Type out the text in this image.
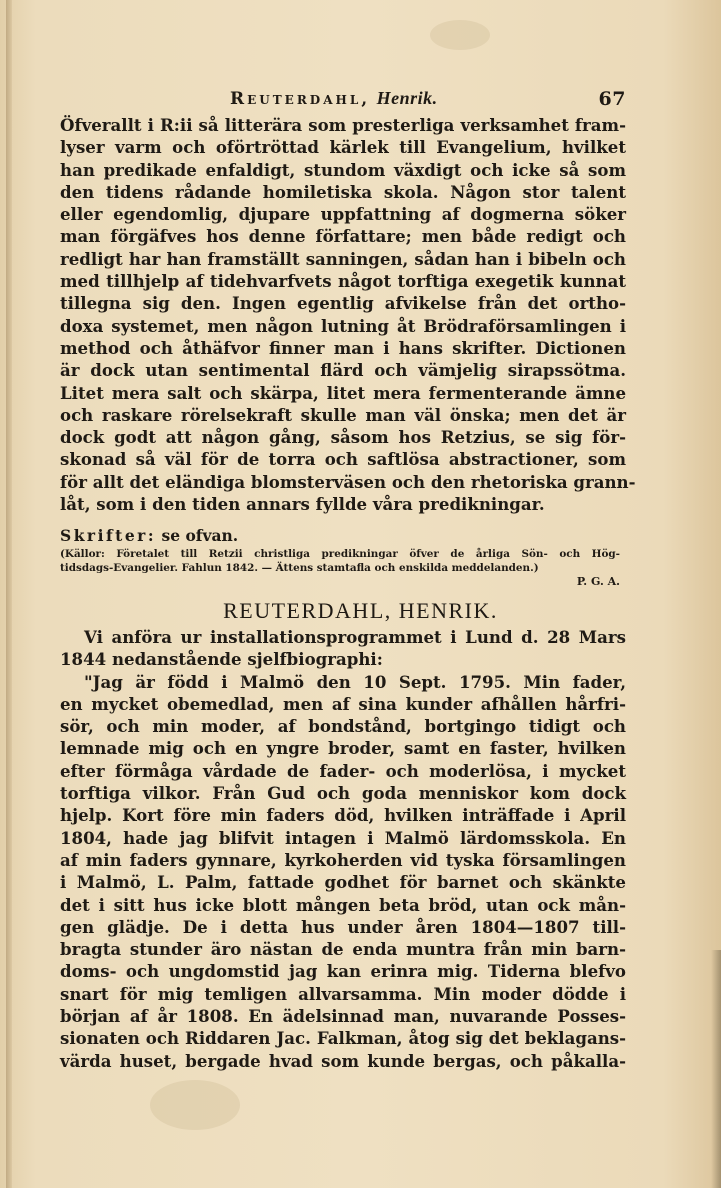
Reuterdahl, Henrik.	67
Öfverallt i R:ii så litterära som presterliga verksamhet fram-
lyser varm och oförtröttad kärlek till Evangelium, hvilket
han predikade enfaldigt, stundom växdigt och icke så som
den tidens rådande homiletiska skola. Någon stor talent
eller egendomlig, djupare uppfattning af dogmerna söker
man förgäfves hos denne författare; men både redigt och
redligt har han framställt sanningen, sådan han i bibeln och
med tillhjelp af tidehvarfvets något torftiga exegetik kunnat
tillegna sig den. Ingen egentlig afvikelse från det ortho-
doxa systemet, men någon lutning åt Brödraförsamlingen i
method och åthäfvor finner man i hans skrifter. Dictionen
är dock utan sentimental flärd och vämjelig sirapssötma.
Litet mera salt och skärpa, litet mera fermenterande ämne
och raskare rörelsekraft skulle man väl önska; men det är
dock godt att någon gång, såsom hos Retzius, se sig för-
skonad så väl för de torra och saftlösa abstractioner, som
för allt det eländiga blomsterväsen och den rhetoriska grann-
låt, som i den tiden annars fyllde våra predikningar.
Skrifter: se ofvan.
(Källor: Företalet till Retzii christliga predikningar öfver de årliga Sön- och Hög-
tidsdags-Evangelier. Fahlun 1842. — Ättens stamtafla och enskilda meddelanden.)
P. G. A.
REUTERDAHL, HENRIK.
Vi anföra ur installationsprogrammet i Lund d. 28 Mars
1844 nedanstående sjelfbiographi:
"Jag är född i Malmö den 10 Sept. 1795. Min fader,
en mycket obemedlad, men af sina kunder afhållen hårfri-
sör, och min moder, af bondstånd, bortgingo tidigt och
lemnade mig och en yngre broder, samt en faster, hvilken
efter förmåga vårdade de fader- och moderlösa, i mycket
torftiga vilkor. Från Gud och goda menniskor kom dock
hjelp. Kort före min faders död, hvilken inträffade i April
1804, hade jag blifvit intagen i Malmö lärdomsskola. En
af min faders gynnare, kyrkoherden vid tyska församlingen
i Malmö, L. Palm, fattade godhet för barnet och skänkte
det i sitt hus icke blott mången beta bröd, utan ock mån-
gen glädje. De i detta hus under åren 1804—1807 till-
bragta stunder äro nästan de enda muntra från min barn-
doms- och ungdomstid jag kan erinra mig. Tiderna blefvo
snart för mig temligen allvarsamma. Min moder dödde i
början af år 1808. En ädelsinnad man, nuvarande Posses-
sionaten och Riddaren Jac. Falkman, åtog sig det beklagans-
värda huset, bergade hvad som kunde bergas, och påkalla-
